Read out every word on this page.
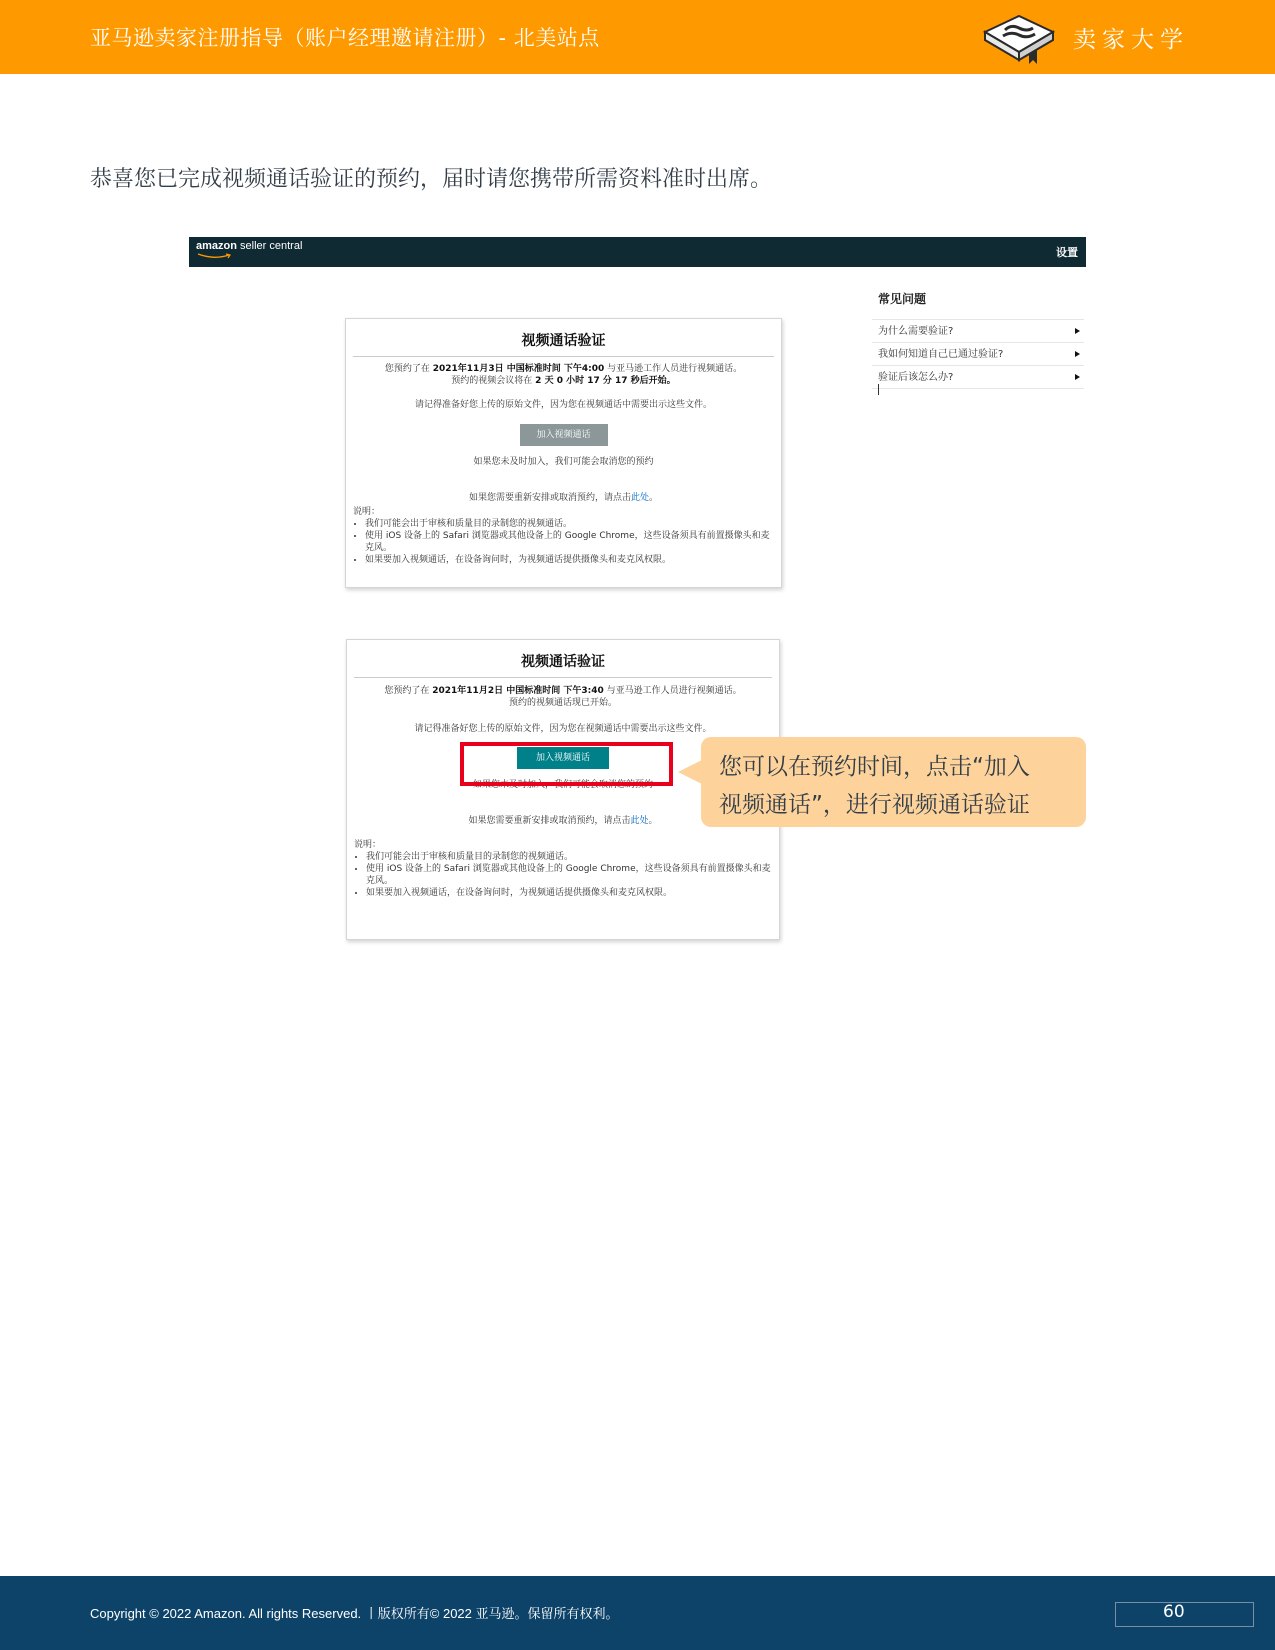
亚马逊卖家注册指导（账户经理邀请注册）- 北美站点	卖家大学
恭喜您已完成视频通话验证的预约，届时请您携带所需资料准时出席。
amazon seller central	设置
常见问题
为什么需要验证?
我如何知道自己已通过验证?
验证后该怎么办?
视频通话验证
您预约了在 2021年11月3日 中国标准时间 下午4:00 与亚马逊工作人员进行视频通话。
预约的视频会议将在 2 天 0 小时 17 分 17 秒后开始。
请记得准备好您上传的原始文件，因为您在视频通话中需要出示这些文件。
加入视频通话
如果您未及时加入，我们可能会取消您的预约
如果您需要重新安排或取消预约，请点击此处。
说明：
• 我们可能会出于审核和质量目的录制您的视频通话。
• 使用 iOS 设备上的 Safari 浏览器或其他设备上的 Google Chrome，这些设备须具有前置摄像头和麦克风。
• 如果要加入视频通话，在设备询问时，为视频通话提供摄像头和麦克风权限。
视频通话验证
您预约了在 2021年11月2日 中国标准时间 下午3:40 与亚马逊工作人员进行视频通话。
预约的视频通话现已开始。
请记得准备好您上传的原始文件，因为您在视频通话中需要出示这些文件。
加入视频通话
如果您未及时加入，我们可能会取消您的预约
如果您需要重新安排或取消预约，请点击此处。
说明：
• 我们可能会出于审核和质量目的录制您的视频通话。
• 使用 iOS 设备上的 Safari 浏览器或其他设备上的 Google Chrome，这些设备须具有前置摄像头和麦克风。
• 如果要加入视频通话，在设备询问时，为视频通话提供摄像头和麦克风权限。
您可以在预约时间，点击“加入
视频通话”，进行视频通话验证
Copyright © 2022 Amazon. All rights Reserved. 丨版权所有© 2022 亚马逊。保留所有权利。	60
